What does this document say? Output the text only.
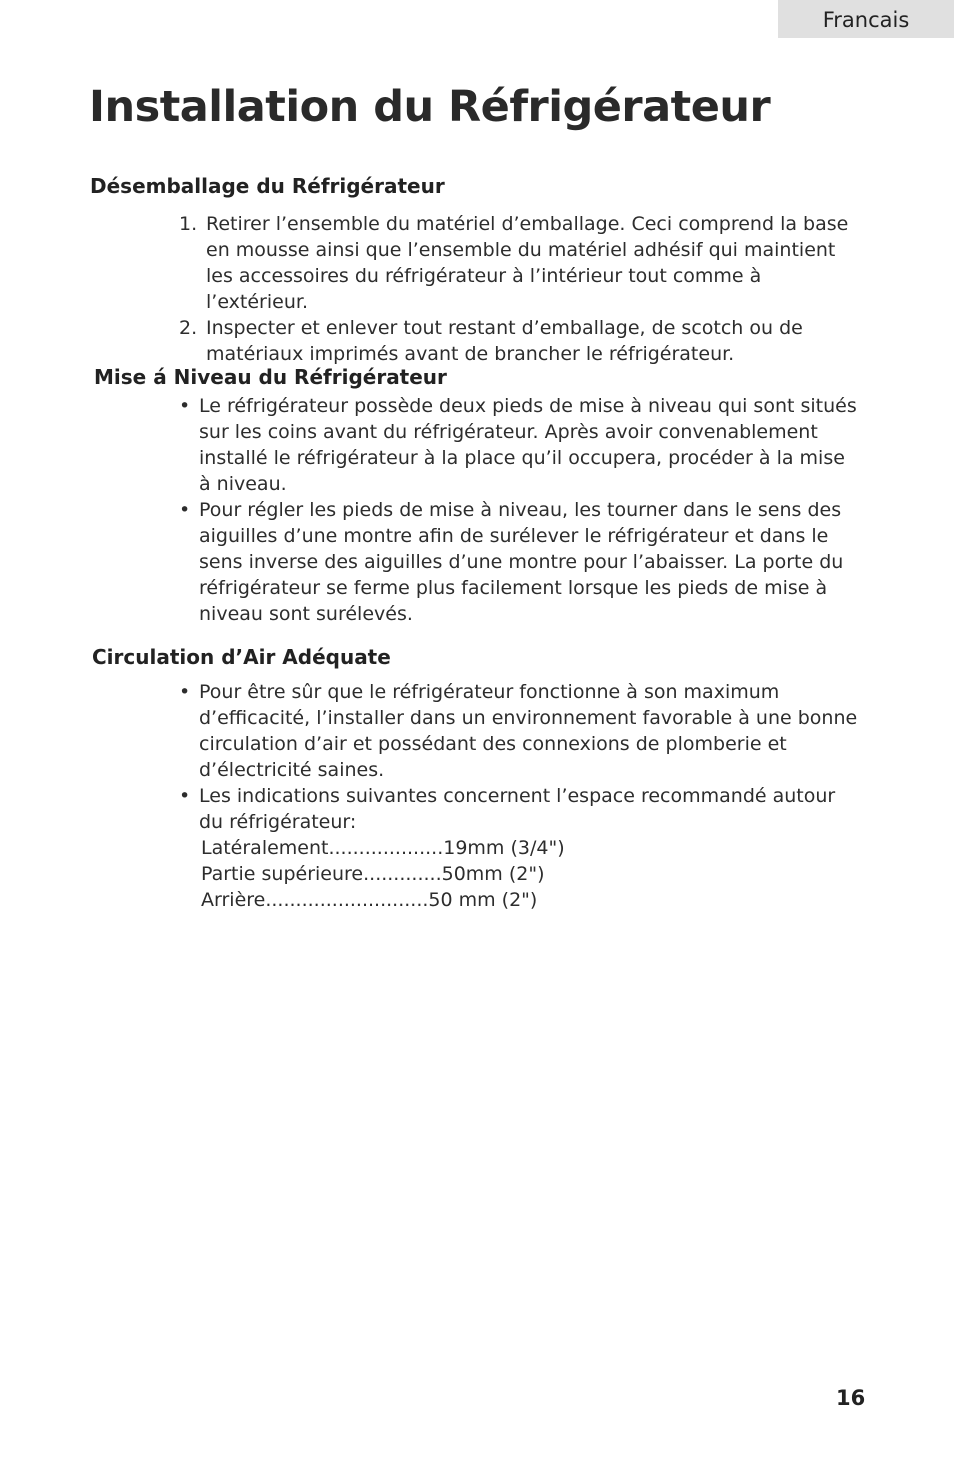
Francais
Installation du Réfrigérateur
Désemballage du Réfrigérateur
1. Retirer l’ensemble du matériel d’emballage. Ceci comprend la base en mousse ainsi que l’ensemble du matériel adhésif qui maintient les accessoires du réfrigérateur à l’intérieur tout comme à l’extérieur.
2. Inspecter et enlever tout restant d’emballage, de scotch ou de matériaux imprimés avant de brancher le réfrigérateur.
Mise á Niveau du Réfrigérateur
• Le réfrigérateur possède deux pieds de mise à niveau qui sont situés sur les coins avant du réfrigérateur. Après avoir convenablement installé le réfrigérateur à la place qu’il occupera, procéder à la mise à niveau.
• Pour régler les pieds de mise à niveau, les tourner dans le sens des aiguilles d’une montre afin de surélever le réfrigérateur et dans le sens inverse des aiguilles d’une montre pour l’abaisser. La porte du réfrigérateur se ferme plus facilement lorsque les pieds de mise à niveau sont surélevés.
Circulation d’Air Adéquate
• Pour être sûr que le réfrigérateur fonctionne à son maximum d’efficacité, l’installer dans un environnement favorable à une bonne circulation d’air et possédant des connexions de plomberie et d’électricité saines.
• Les indications suivantes concernent l’espace recommandé autour du réfrigérateur:
Latéralement...................19mm (3/4")
Partie supérieure.............50mm (2")
Arrière...........................50 mm (2")
16
